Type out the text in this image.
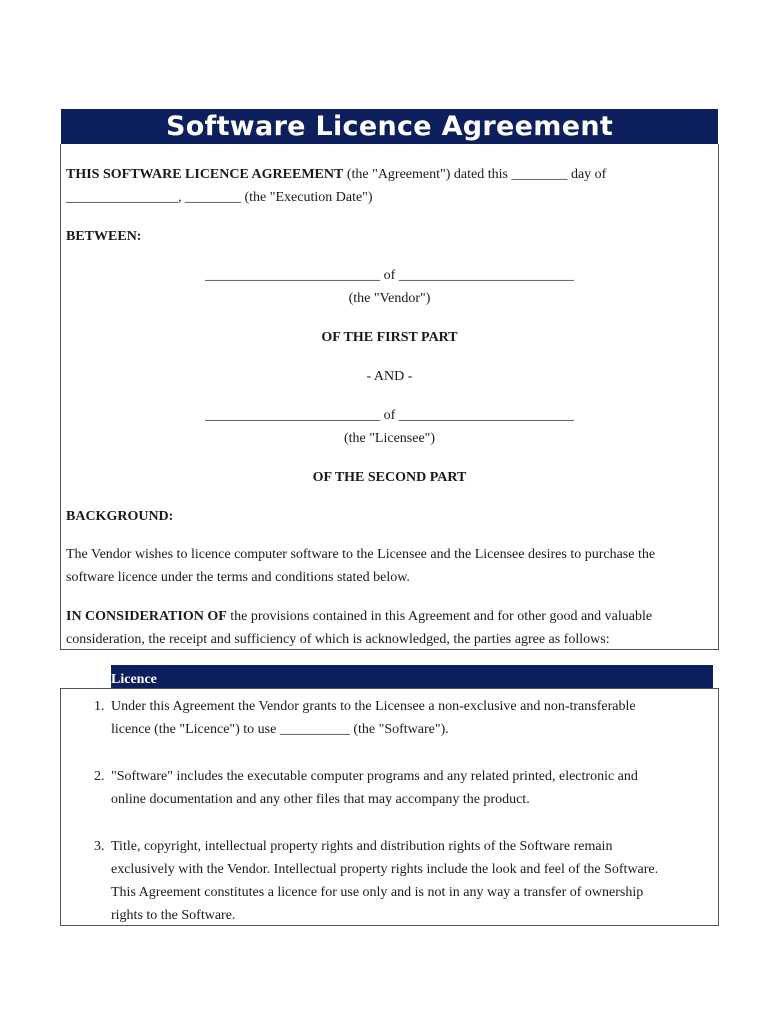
Software Licence Agreement
THIS SOFTWARE LICENCE AGREEMENT (the "Agreement") dated this ________ day of
________________, ________ (the "Execution Date")
BETWEEN:
_________________________ of _________________________
(the "Vendor")
OF THE FIRST PART
- AND -
_________________________ of _________________________
(the "Licensee")
OF THE SECOND PART
BACKGROUND:
The Vendor wishes to licence computer software to the Licensee and the Licensee desires to purchase the
software licence under the terms and conditions stated below.
IN CONSIDERATION OF the provisions contained in this Agreement and for other good and valuable
consideration, the receipt and sufficiency of which is acknowledged, the parties agree as follows:
Licence
1. Under this Agreement the Vendor grants to the Licensee a non-exclusive and non-transferable
licence (the "Licence") to use __________ (the "Software").
2. "Software" includes the executable computer programs and any related printed, electronic and
online documentation and any other files that may accompany the product.
3. Title, copyright, intellectual property rights and distribution rights of the Software remain
exclusively with the Vendor. Intellectual property rights include the look and feel of the Software.
This Agreement constitutes a licence for use only and is not in any way a transfer of ownership
rights to the Software.
